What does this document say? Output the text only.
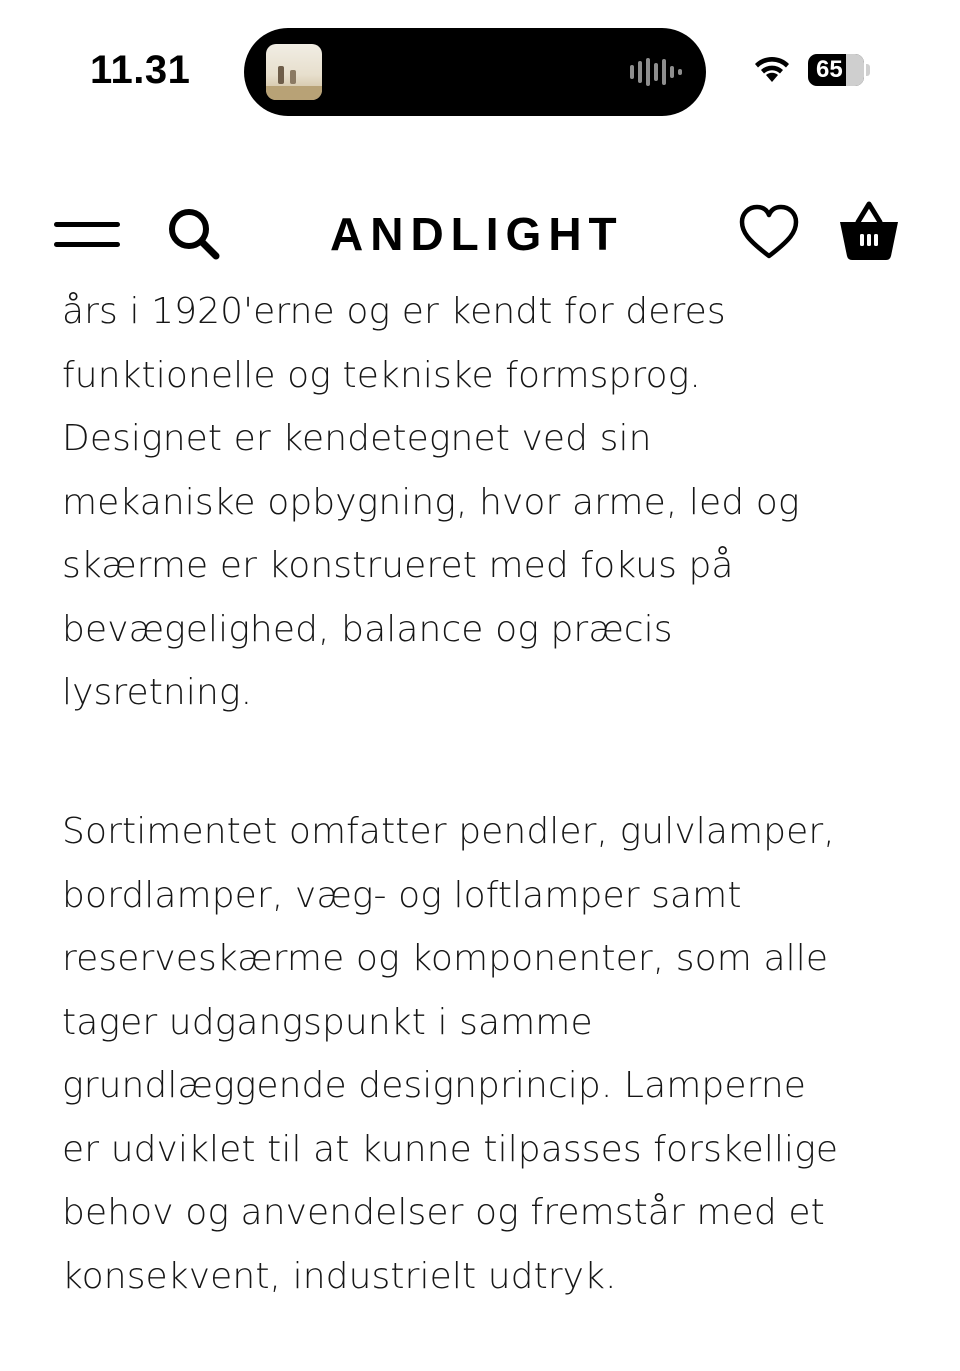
11.31	65
ANDLIGHT

års i 1920'erne og er kendt for deres
funktionelle og tekniske formsprog.
Designet er kendetegnet ved sin
mekaniske opbygning, hvor arme, led og
skærme er konstrueret med fokus på
bevægelighed, balance og præcis
lysretning.

Sortimentet omfatter pendler, gulvlamper,
bordlamper, væg- og loftlamper samt
reserveskærme og komponenter, som alle
tager udgangspunkt i samme
grundlæggende designprincip. Lamperne
er udviklet til at kunne tilpasses forskellige
behov og anvendelser og fremstår med et
konsekvent, industrielt udtryk.
